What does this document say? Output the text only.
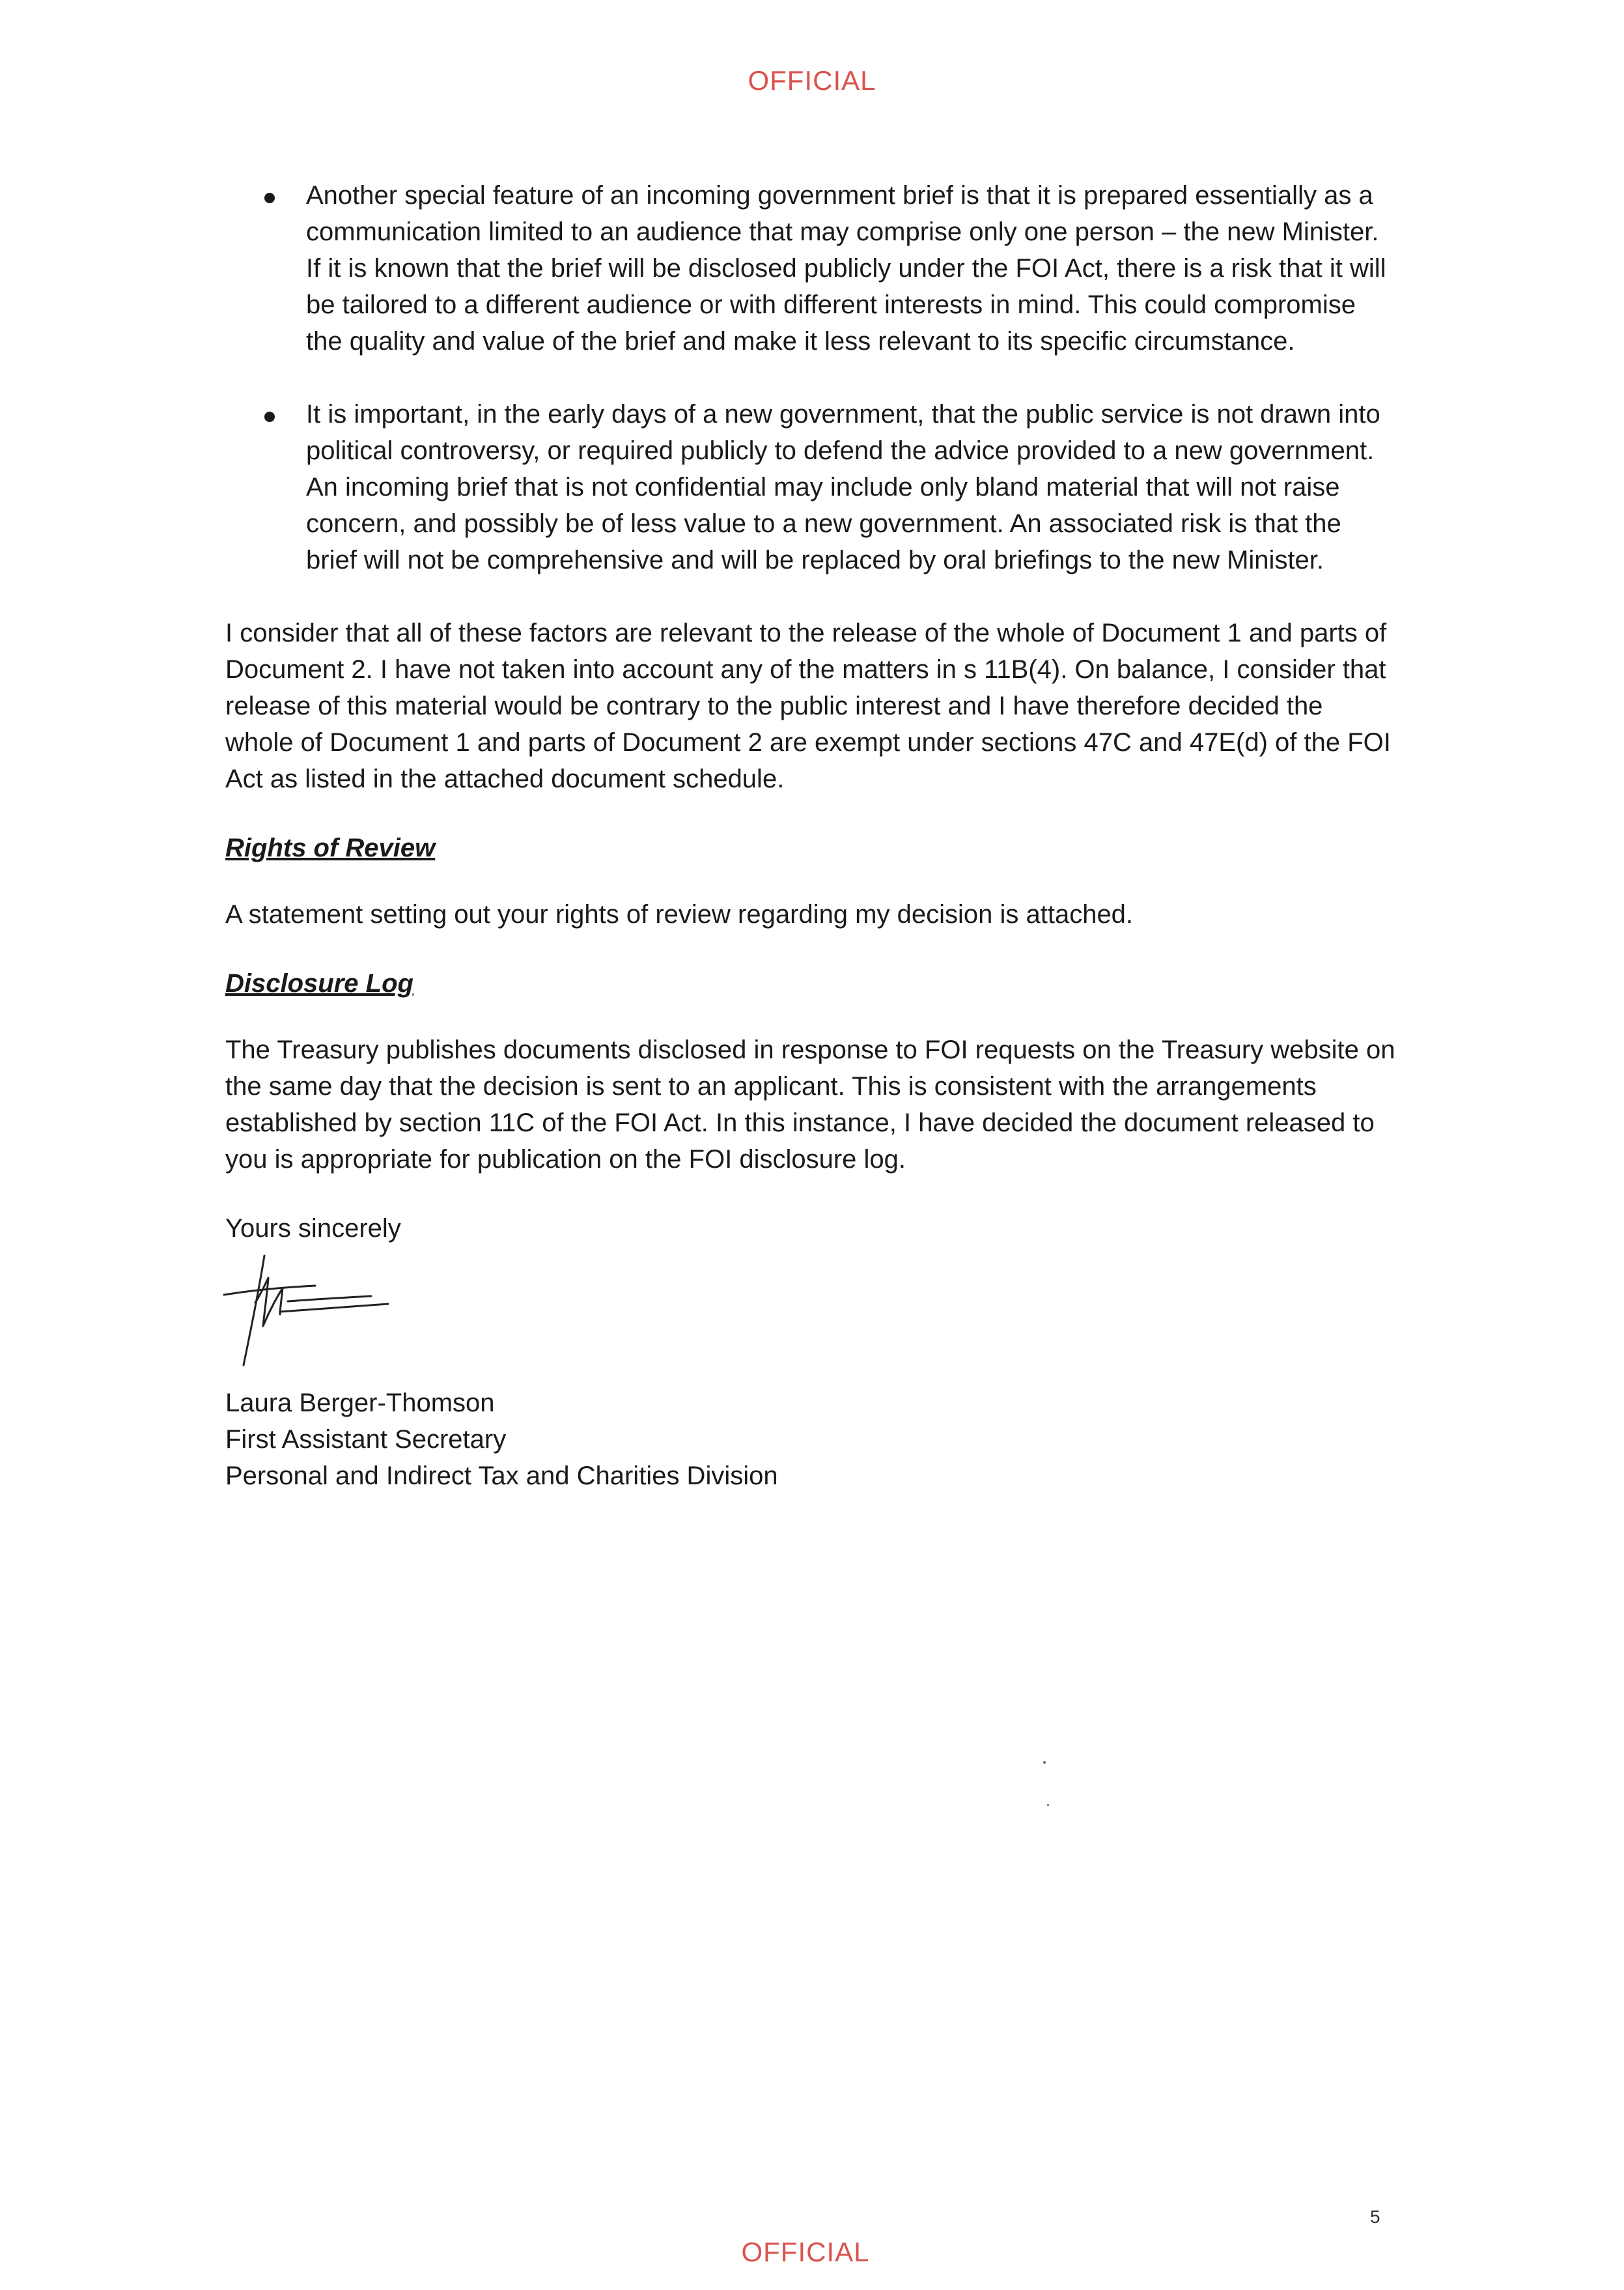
OFFICIAL
Another special feature of an incoming government brief is that it is prepared essentially as a communication limited to an audience that may comprise only one person – the new Minister. If it is known that the brief will be disclosed publicly under the FOI Act, there is a risk that it will be tailored to a different audience or with different interests in mind. This could compromise the quality and value of the brief and make it less relevant to its specific circumstance.
It is important, in the early days of a new government, that the public service is not drawn into political controversy, or required publicly to defend the advice provided to a new government. An incoming brief that is not confidential may include only bland material that will not raise concern, and possibly be of less value to a new government. An associated risk is that the brief will not be comprehensive and will be replaced by oral briefings to the new Minister.

I consider that all of these factors are relevant to the release of the whole of Document 1 and parts of Document 2. I have not taken into account any of the matters in s 11B(4). On balance, I consider that release of this material would be contrary to the public interest and I have therefore decided the whole of Document 1 and parts of Document 2 are exempt under sections 47C and 47E(d) of the FOI Act as listed in the attached document schedule.

Rights of Review

A statement setting out your rights of review regarding my decision is attached.

Disclosure Log

The Treasury publishes documents disclosed in response to FOI requests on the Treasury website on the same day that the decision is sent to an applicant. This is consistent with the arrangements established by section 11C of the FOI Act. In this instance, I have decided the document released to you is appropriate for publication on the FOI disclosure log.

Yours sincerely

Laura Berger-Thomson

First Assistant Secretary

Personal and Indirect Tax and Charities Division

5
OFFICIAL
